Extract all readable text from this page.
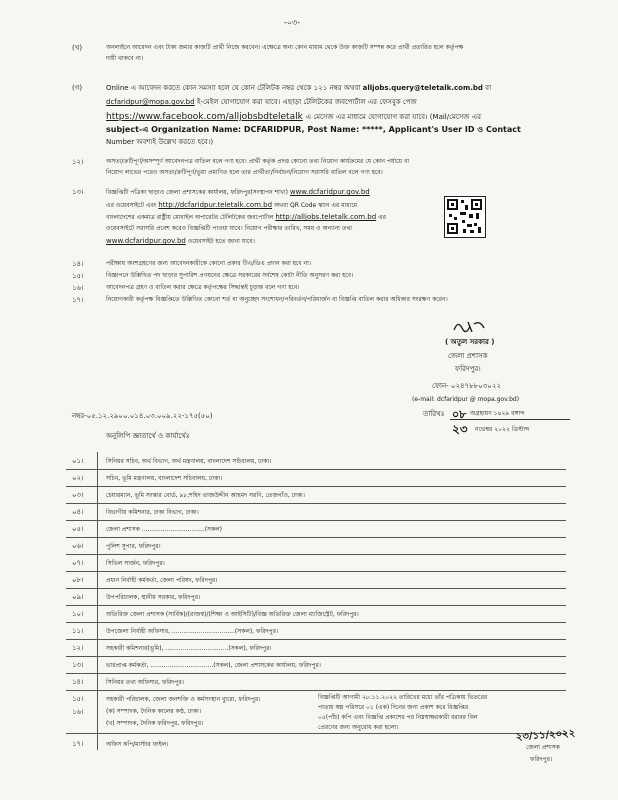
-০৩-
(খ)	অনলাইনে আবেদন এবং টাকা জমার কাজটি প্রার্থী নিজে করবেন। এক্ষেত্রে অন্য কোন মাধ্যম থেকে উক্ত কাজটি সম্পন্ন করে প্রার্থী প্রতারিত হলে কর্তৃপক্ষ
দায়ী থাকবে না।
(গ)	Online এ আবেদন করতে কোন সমস্যা হলে যে কোন টেলিটক নম্বর থেকে ১২১ নম্বর অথবা alljobs.query@teletalk.com.bd বা
dcfaridpur@mopa.gov.bd ই-মেইল যোগাযোগ করা যাবে। এছাড়া টেলিটকের জবপোর্টাল এর ফেসবুক পেজ
https://www.facebook.com/alljobsbdteletalk এ মেসেজ এর মাধ্যমে যোগাযোগ করা যাবে। (Mail/মেসেজ এর
subject-এ Organization Name: DCFARIDPUR, Post Name: *****, Applicant's User ID ও Contact
Number অবশ্যই উল্লেখ করতে হবে।)
১২।	অসত্য/ক্রটিপূর্ণ/অসম্পূর্ণ আবেদনপত্র বাতিল বলে গণ্য হবে। প্রার্থী কর্তৃক প্রদত্ত কোনো তথ্য নিয়োগ কার্যক্রমের যে কোন পর্যায়ে বা
নিয়োগ লাভের পরেও অসত্য/ক্রটিপূর্ণ/ভুয়া প্রমাণিত হলে তার প্রার্থীতা/নির্বাচন/নিয়োগ সরাসরি বাতিল বলে গণ্য হবে।
১৩।	বিজ্ঞপ্তিটি পত্রিকা ছাড়াও জেলা প্রশাসকের কার্যালয়, ফরিদপুর(সংস্থাপন শাখা) www.dcfaridpur.gov.bd
এর ওয়েবসাইটে এবং http://dcfaridpur.teletalk.com.bd অথবা QR Code স্ক্যান এর মাধ্যমে
বাংলাদেশের একমাত্র রাষ্ট্রীয় মোবাইল অপারেটর টেলিটকের জবপোর্টাল http://alljobs.teletalk.com.bd এর
ওয়েবসাইটে সরাসরি প্রবেশ করেও বিজ্ঞপ্তিটি পাওয়া যাবে। নিয়োগ পরীক্ষার তারিখ, সময় ও অন্যান্য তথ্য
www.dcfaridpur.gov.bd ওয়েবসাইট হতে জানা যাবে।
১৪।	পরীক্ষায় অংশগ্রহণের জন্য আবেদনকারীকে কোনো প্রকার টিএ/ডিএ প্রদান করা হবে না।
১৫।	বিজ্ঞাপনে উল্লিখিত পদ ছাড়ার সুপারিশ প্রণয়নের ক্ষেত্রে সরকারের সর্বশেষ কোটা নীতি অনুসরণ করা হবে।
১৬।	আবেদনপত্র গ্রহণ ও বাতিল করার ক্ষেত্রে কর্তৃপক্ষের সিদ্ধান্তই চূড়ান্ত বলে গণ্য হবে।
১৭।	নিয়োগকারী কর্তৃপক্ষ বিজ্ঞপ্তিতে উল্লিখিত কোনো শর্ত বা অনুচ্ছেদ সংশোধন/পরিবর্তন/পরিমার্জন বা বিজ্ঞপ্তি বাতিল করার অধিকার সংরক্ষণ করেন।
( অতুল সরকার )
জেলা প্রশাসক
ফরিদপুর।
ফোন- ০২৪৭৮৮০৩০২২
(e-mail: dcfaridpur @ mopa.gov.bd)
তারিখঃ ০৮ অগ্রহায়ণ ১৪২৯ বঙ্গাব্দ
২৩ নভেম্বর ২০২২ খ্রিস্টাব্দ
নম্বর-০৫.১২.২৯০০.০১৪.০৩.০০৯.২২-১৭৫(৫০)
অনুলিপি জ্ঞাতার্থে ও কার্যার্থেঃ
০১।	সিনিয়র সচিব, অর্থ বিভাগ, অর্থ মন্ত্রণালয়, বাংলাদেশ সচিবালয়, ঢাকা।
০২।	সচিব, ভূমি মন্ত্রণালয়, বাংলাদেশ সচিবালয়, ঢাকা।
০৩।	চেয়ারম্যান, ভূমি সংস্কার বোর্ড, ৯৮,শহিদ তাজউদ্দীন আহমদ সরণি, তেজগাঁও, ঢাকা।
০৪।	বিভাগীয় কমিশনার, ঢাকা বিভাগ, ঢাকা।
০৫।	জেলা প্রশাসক .................................(সকল)
০৬।	পুলিশ সুপার, ফরিদপুর।
০৭।	সিভিল সার্জন, ফরিদপুর।
০৮।	প্রধান নির্বাহী কর্মকর্তা, জেলা পরিষদ, ফরিদপুর।
০৯।	উপপরিচালক, স্থানীয় সরকার, ফরিদপুর।
১০।	অতিরিক্ত জেলা প্রশাসক (সার্বিক)/(রাজস্ব)/(শিক্ষা ও আইসিটি)/বিজ্ঞ অতিরিক্ত জেলা ম্যাজিস্ট্রেট, ফরিদপুর।
১১।	উপজেলা নির্বাহী অফিসার, .................................(সকল), ফরিদপুর।
১২।	সহকারী কমিশনার(ভূমি), .................................(সকল), ফরিদপুর।
১৩।	ভারপ্রাপ্ত কর্মকর্তা, .................................(সকল), জেলা প্রশাসকের কার্যালয়, ফরিদপুর।
১৪।	সিনিয়র তথ্য অফিসার, ফরিদপুর।
১৫।	সহকারী পরিচালক, জেলা জনশক্তি ও কর্মসংস্থান ব্যুরো, ফরিদপুর।
১৬।	(ক) সম্পাদক, দৈনিক কালের কণ্ঠ, ঢাকা।
(খ) সম্পাদক, দৈনিক ফরিদপুর, ফরিদপুর।
বিজ্ঞপ্তিটি আগামী ২৮.১১.২০২২ তারিখের মধ্যে তাঁর পত্রিকায় ভিতরের
পাতায় স্বল্প পরিসরে ০১ (এক) দিনের জন্য প্রকাশ করে বিজ্ঞপ্তির
০৫(পাঁচ) কপি এবং বিজ্ঞপ্তি প্রকাশের পর নিম্নস্বাক্ষরকারী বরাবর বিল
প্রেরণের জন্য অনুরোধ করা হলো।
১৭।	অফিস কপি/মাস্টার ফাইল।
২৩/১১/২০২২
জেলা প্রশাসক
ফরিদপুর।
